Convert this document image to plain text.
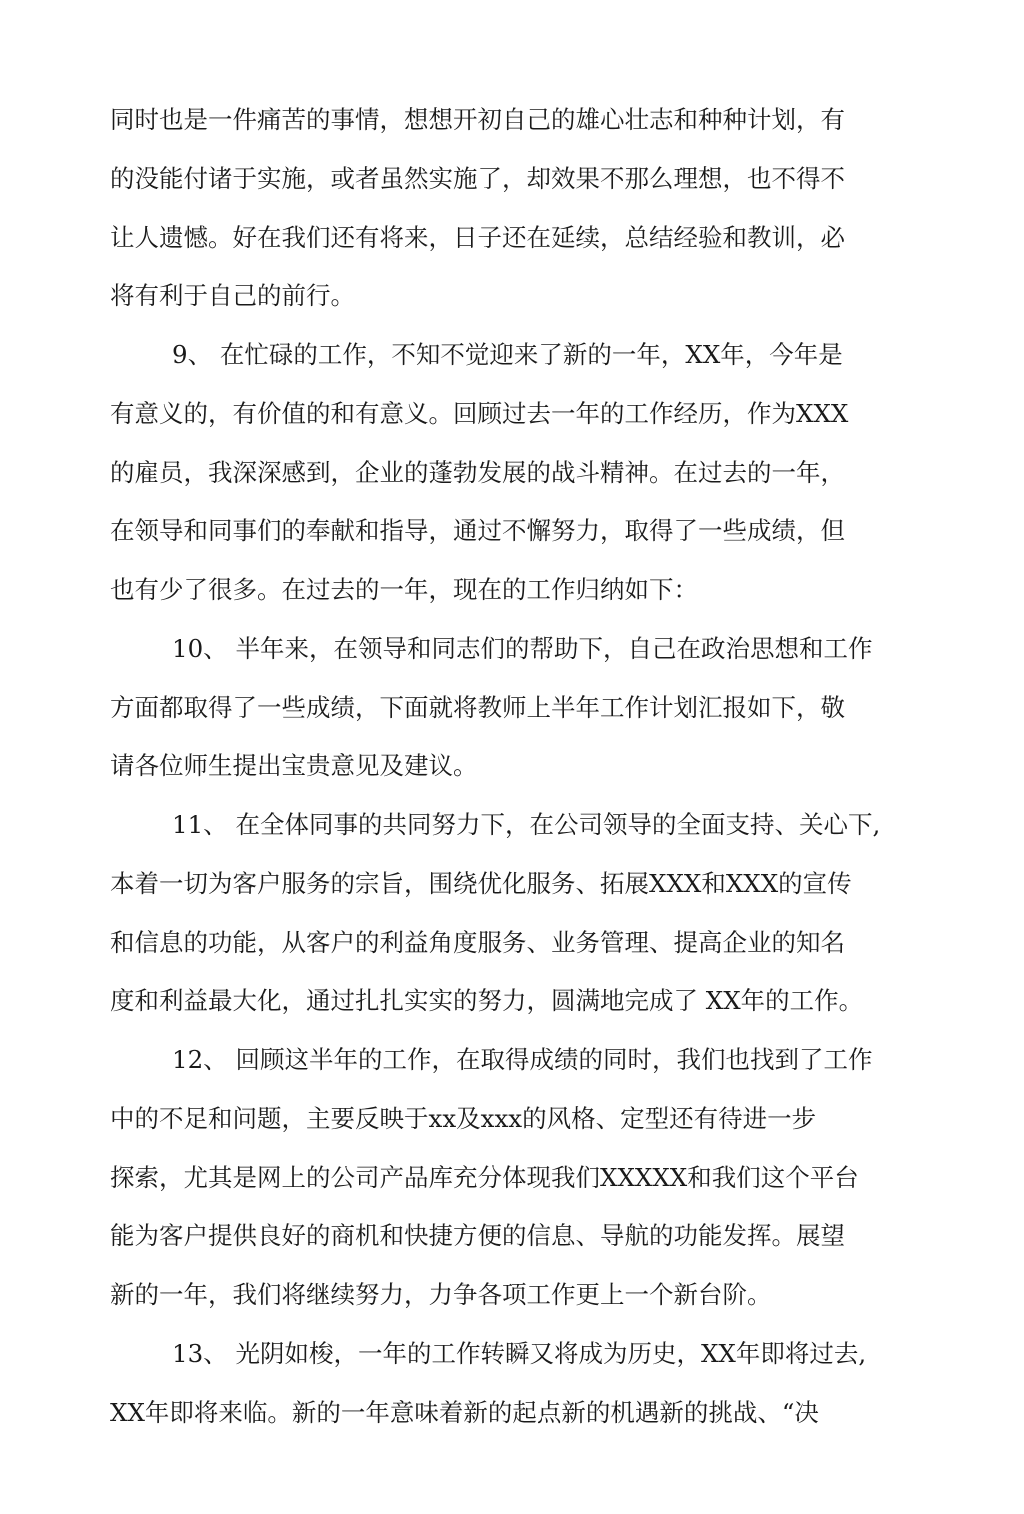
同时也是一件痛苦的事情，想想开初自己的雄心壮志和种种计划，有

的没能付诸于实施，或者虽然实施了，却效果不那么理想，也不得不

让人遗憾。好在我们还有将来，日子还在延续，总结经验和教训，必

将有利于自己的前行。

9、 在忙碌的工作，不知不觉迎来了新的一年，XX年，今年是

有意义的，有价值的和有意义。回顾过去一年的工作经历，作为XXX

的雇员，我深深感到，企业的蓬勃发展的战斗精神。在过去的一年，

在领导和同事们的奉献和指导，通过不懈努力，取得了一些成绩，但

也有少了很多。在过去的一年，现在的工作归纳如下：

10、 半年来，在领导和同志们的帮助下，自己在政治思想和工作

方面都取得了一些成绩，下面就将教师上半年工作计划汇报如下，敬

请各位师生提出宝贵意见及建议。

11、 在全体同事的共同努力下，在公司领导的全面支持、关心下,

本着一切为客户服务的宗旨，围绕优化服务、拓展XXX和XXX的宣传

和信息的功能，从客户的利益角度服务、业务管理、提高企业的知名

度和利益最大化，通过扎扎实实的努力，圆满地完成了 XX年的工作。

12、 回顾这半年的工作，在取得成绩的同时，我们也找到了工作

中的不足和问题，主要反映于xx及xxx的风格、定型还有待进一步

探索，尤其是网上的公司产品库充分体现我们XXXXX和我们这个平台

能为客户提供良好的商机和快捷方便的信息、导航的功能发挥。展望

新的一年，我们将继续努力，力争各项工作更上一个新台阶。

13、 光阴如梭，一年的工作转瞬又将成为历史，XX年即将过去,

XX年即将来临。新的一年意味着新的起点新的机遇新的挑战、“决
